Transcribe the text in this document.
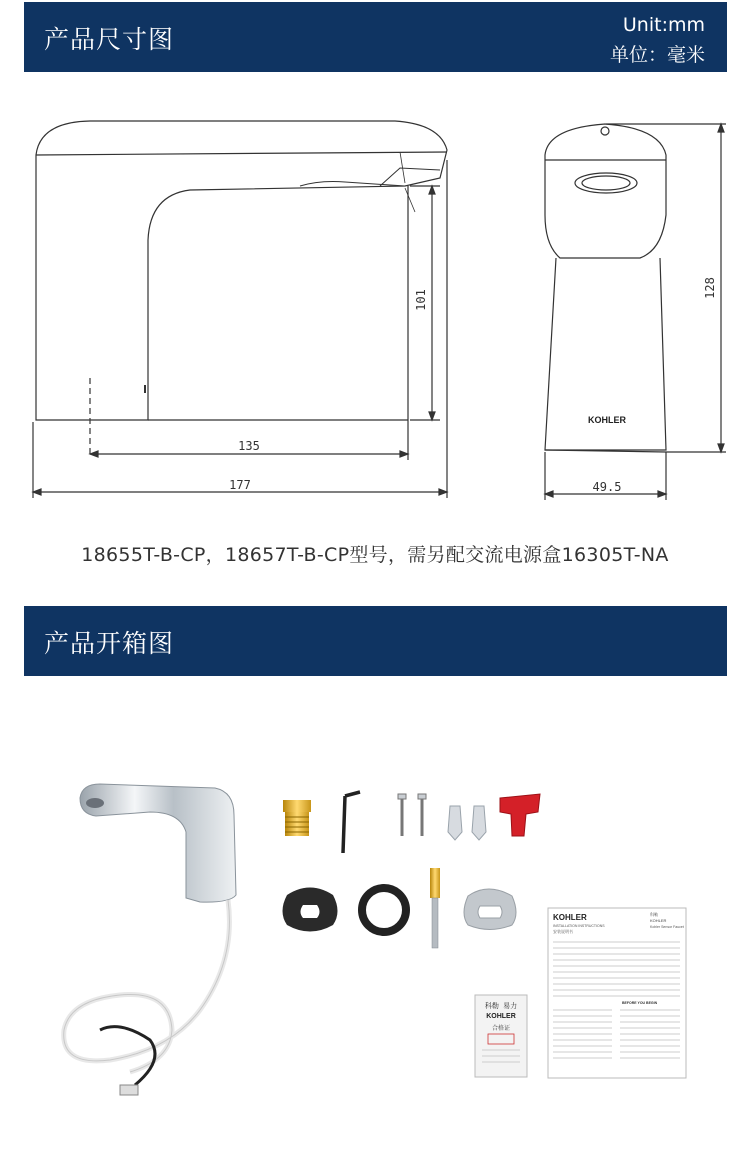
产品尺寸图	Unit:mm
单位：毫米
101
135
177
128
49.5
KOHLER
18655T-B-CP，18657T-B-CP型号，需另配交流电源盒16305T-NA
产品开箱图
科勒 易力
KOHLER
合格证
KOHLER
INSTALLATION INSTRUCTIONS
安装说明书
科勒
KOHLER
Kohler Sensor Faucet
BEFORE YOU BEGIN
